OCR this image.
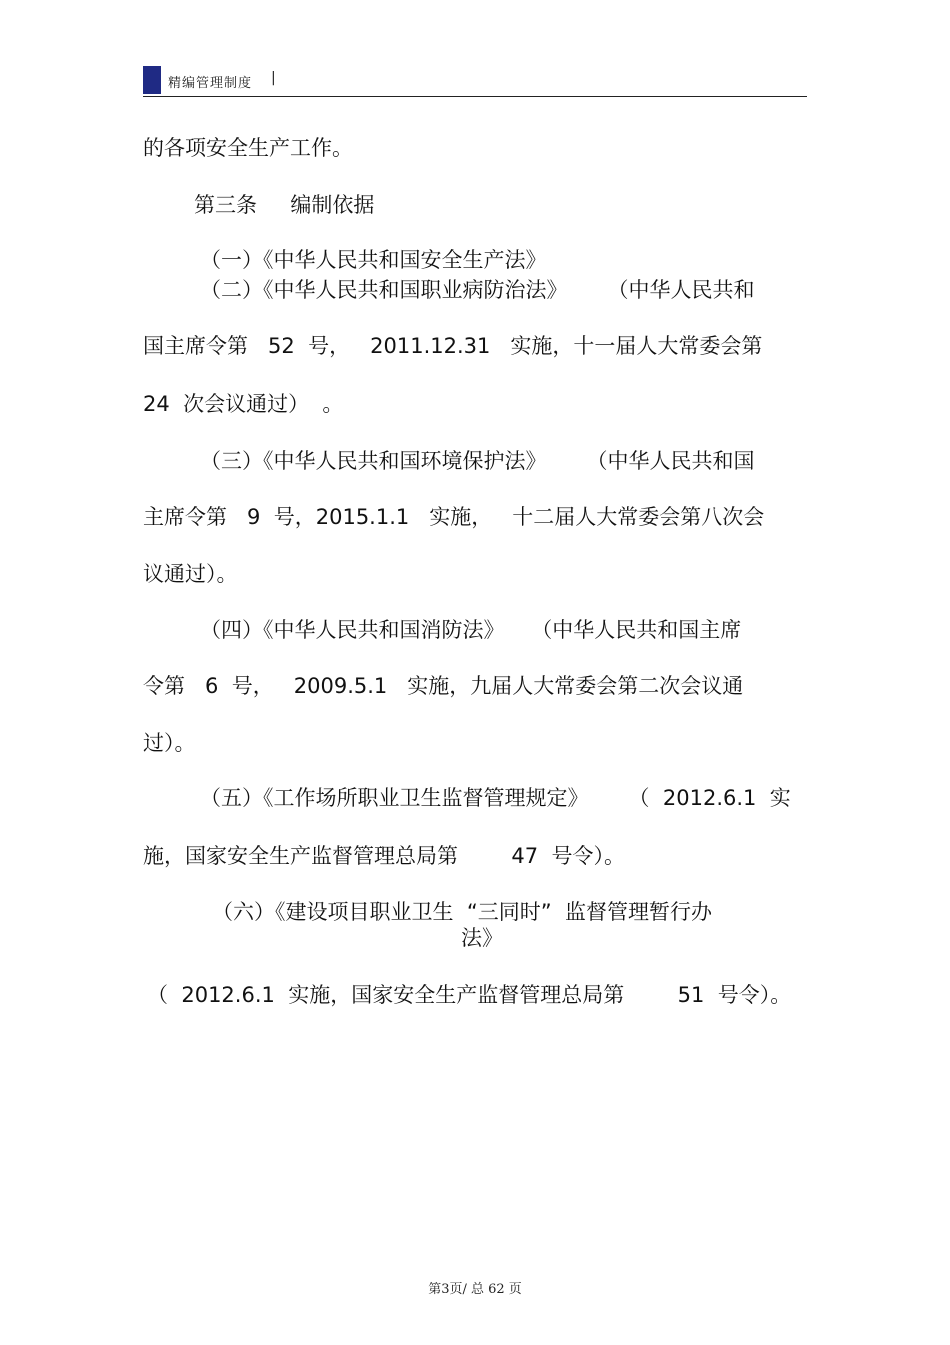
精编管理制度 |
的各项安全生产工作。
第三条     编制依据
（一）《中华人民共和国安全生产法》
（二）《中华人民共和国职业病防治法》      （中华人民共和
国主席令第   52  号，   2011.12.31   实施，十一届人大常委会第
24  次会议通过）  。
（三）《中华人民共和国环境保护法》      （中华人民共和国
主席令第   9  号，2015.1.1   实施，   十二届人大常委会第八次会
议通过）。
（四）《中华人民共和国消防法》    （中华人民共和国主席
令第   6  号，   2009.5.1   实施，九届人大常委会第二次会议通
过）。
（五）《工作场所职业卫生监督管理规定》      （  2012.6.1  实
施，国家安全生产监督管理总局第        47  号令）。
（六）《建设项目职业卫生  “三同时”  监督管理暂行办
法》
（  2012.6.1  实施，国家安全生产监督管理总局第        51  号令）。
第3页/ 总 62 页
